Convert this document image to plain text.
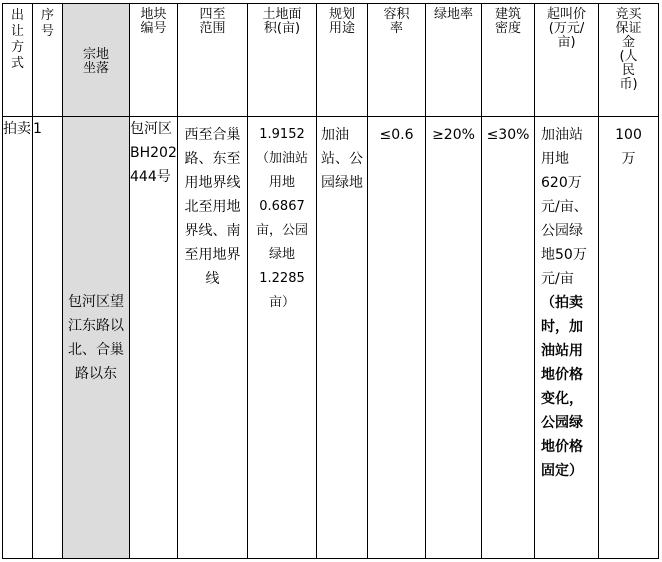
出让方式	序号	宗地坐落	地块编号	四至范围	土地面积(亩)	规划用途	容积率	绿地率	建筑密度	起叫价(万元/亩)	竞买保证金(人民币)

拍卖	1	包河区望江东路以北、合巢路以东	包河区BH202444号	西至合巢路、东至用地界线北至用地界线、南至用地界线	1.9152（加油站用地0.6867亩，公园绿地1.2285亩）	加油站、公园绿地	≤0.6	≥20%	≤30%	加油站用地620万元/亩、公园绿地50万元/亩（拍卖时，加油站用地价格变化，公园绿地价格固定）	100万
